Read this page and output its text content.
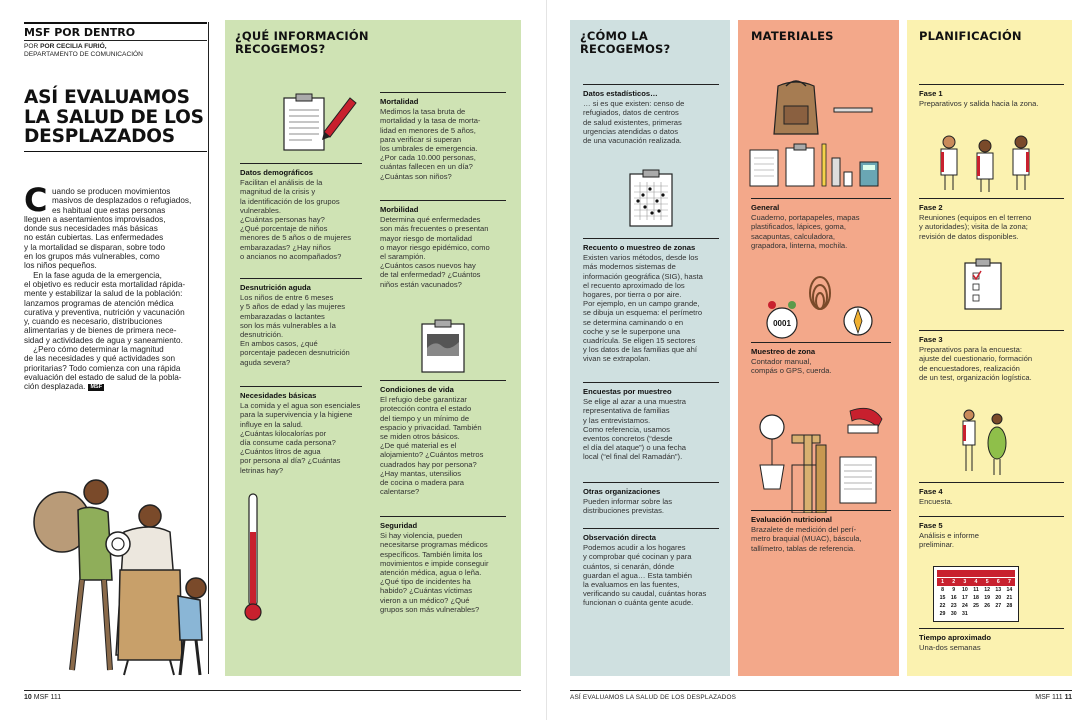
MSF POR DENTRO
POR POR CECILIA FURIÓ,
DEPARTAMENTO DE COMUNICACIÓN
ASÍ EVALUAMOS
LA SALUD DE LOS
DESPLAZADOS
C uando se producen movimientos
masivos de desplazados o refugiados,
es habitual que estas personas
lleguen a asentamientos improvisados,
donde sus necesidades más básicas
no están cubiertas. Las enfermedades
y la mortalidad se disparan, sobre todo
en los grupos más vulnerables, como
los niños pequeños.
En la fase aguda de la emergencia,
el objetivo es reducir esta mortalidad rápida-
mente y estabilizar la salud de la población:
lanzamos programas de atención médica
curativa y preventiva, nutrición y vacunación
y, cuando es necesario, distribuciones
alimentarias y de bienes de primera nece-
sidad y actividades de agua y saneamiento.
¿Pero cómo determinar la magnitud
de las necesidades y qué actividades son
prioritarias? Todo comienza con una rápida
evaluación del estado de salud de la pobla-
ción desplazada. MSF
¿QUÉ INFORMACIÓN
RECOGEMOS?
Datos demográficos

Facilitan el análisis de la
magnitud de la crisis y
la identificación de los grupos
vulnerables.
¿Cuántas personas hay?
¿Qué porcentaje de niños
menores de 5 años o de mujeres
embarazadas? ¿Hay niños
o ancianos no acompañados?

Desnutrición aguda

Los niños de entre 6 meses
y 5 años de edad y las mujeres
embarazadas o lactantes
son los más vulnerables a la
desnutrición.
En ambos casos, ¿qué
porcentaje padecen desnutrición
aguda severa?

Necesidades básicas

La comida y el agua son esenciales
para la supervivencia y la higiene
influye en la salud.
¿Cuántas kilocalorías por
día consume cada persona?
¿Cuántos litros de agua
por persona al día? ¿Cuántas
letrinas hay?

Mortalidad

Medimos la tasa bruta de
mortalidad y la tasa de morta-
lidad en menores de 5 años,
para verificar si superan
los umbrales de emergencia.
¿Por cada 10.000 personas,
cuántas fallecen en un día?
¿Cuántas son niños?

Morbilidad

Determina qué enfermedades
son más frecuentes o presentan
mayor riesgo de mortalidad
o mayor riesgo epidémico, como
el sarampión.
¿Cuántos casos nuevos hay
de tal enfermedad? ¿Cuántos
niños están vacunados?

Condiciones de vida

El refugio debe garantizar
protección contra el estado
del tiempo y un mínimo de
espacio y privacidad. También
se miden otros básicos.
¿De qué material es el
alojamiento? ¿Cuántos metros
cuadrados hay por persona?
¿Hay mantas, utensilios
de cocina o madera para
calentarse?

Seguridad

Si hay violencia, pueden
necesitarse programas médicos
específicos. También limita los
movimientos e impide conseguir
atención médica, agua o leña.
¿Qué tipo de incidentes ha
habido? ¿Cuántas víctimas
vieron a un médico? ¿Qué
grupos son más vulnerables?

10 MSF 111
¿CÓMO LA
RECOGEMOS?
Datos estadísticos…

… si es que existen: censo de
refugiados, datos de centros
de salud existentes, primeras
urgencias atendidas o datos
de una vacunación realizada.

Recuento o muestreo de zonas

Existen varios métodos, desde los
más modernos sistemas de
información geográfica (SIG), hasta
el recuento aproximado de los
hogares, por tierra o por aire.
Por ejemplo, en un campo grande,
se dibuja un esquema: el perímetro
se determina caminando o en
coche y se le superpone una
cuadrícula. Se eligen 15 sectores
y los datos de las familias que ahí
vivan se extrapolan.

Encuestas por muestreo

Se elige al azar a una muestra
representativa de familias
y las entrevistamos.
Como referencia, usamos
eventos concretos (“desde
el día del ataque”) o una fecha
local (“el final del Ramadán”).

Otras organizaciones

Pueden informar sobre las
distribuciones previstas.

Observación directa

Podemos acudir a los hogares
y comprobar qué cocinan y para
cuántos, si cenarán, dónde
guardan el agua… Esta también
la evaluamos en las fuentes,
verificando su caudal, cuántas horas
funcionan o cuánta gente acude.

MATERIALES
0001
General

Cuaderno, portapapeles, mapas
plastificados, lápices, goma,
sacapuntas, calculadora,
grapadora, linterna, mochila.

Muestreo de zona

Contador manual,
compás o GPS, cuerda.

Evaluación nutricional

Brazalete de medición del perí-
metro braquial (MUAC), báscula,
tallímetro, tablas de referencia.

PLANIFICACIÓN
1	2	3	4	5	6	7
8	9	10	11	12	13	14
15	16	17	18	19	20	21
22	23	24	25	26	27	28
29	30	31
Fase 1

Preparativos y salida hacia la zona.

Fase 2

Reuniones (equipos en el terreno
y autoridades); visita de la zona;
revisión de datos disponibles.

Fase 3

Preparativos para la encuesta:
ajuste del cuestionario, formación
de encuestadores, realización
de un test, organización logística.

Fase 4

Encuesta.

Fase 5

Análisis e informe
preliminar.

Tiempo aproximado

Una-dos semanas

ASÍ EVALUAMOS LA SALUD DE LOS DESPLAZADOS	MSF 111 11
